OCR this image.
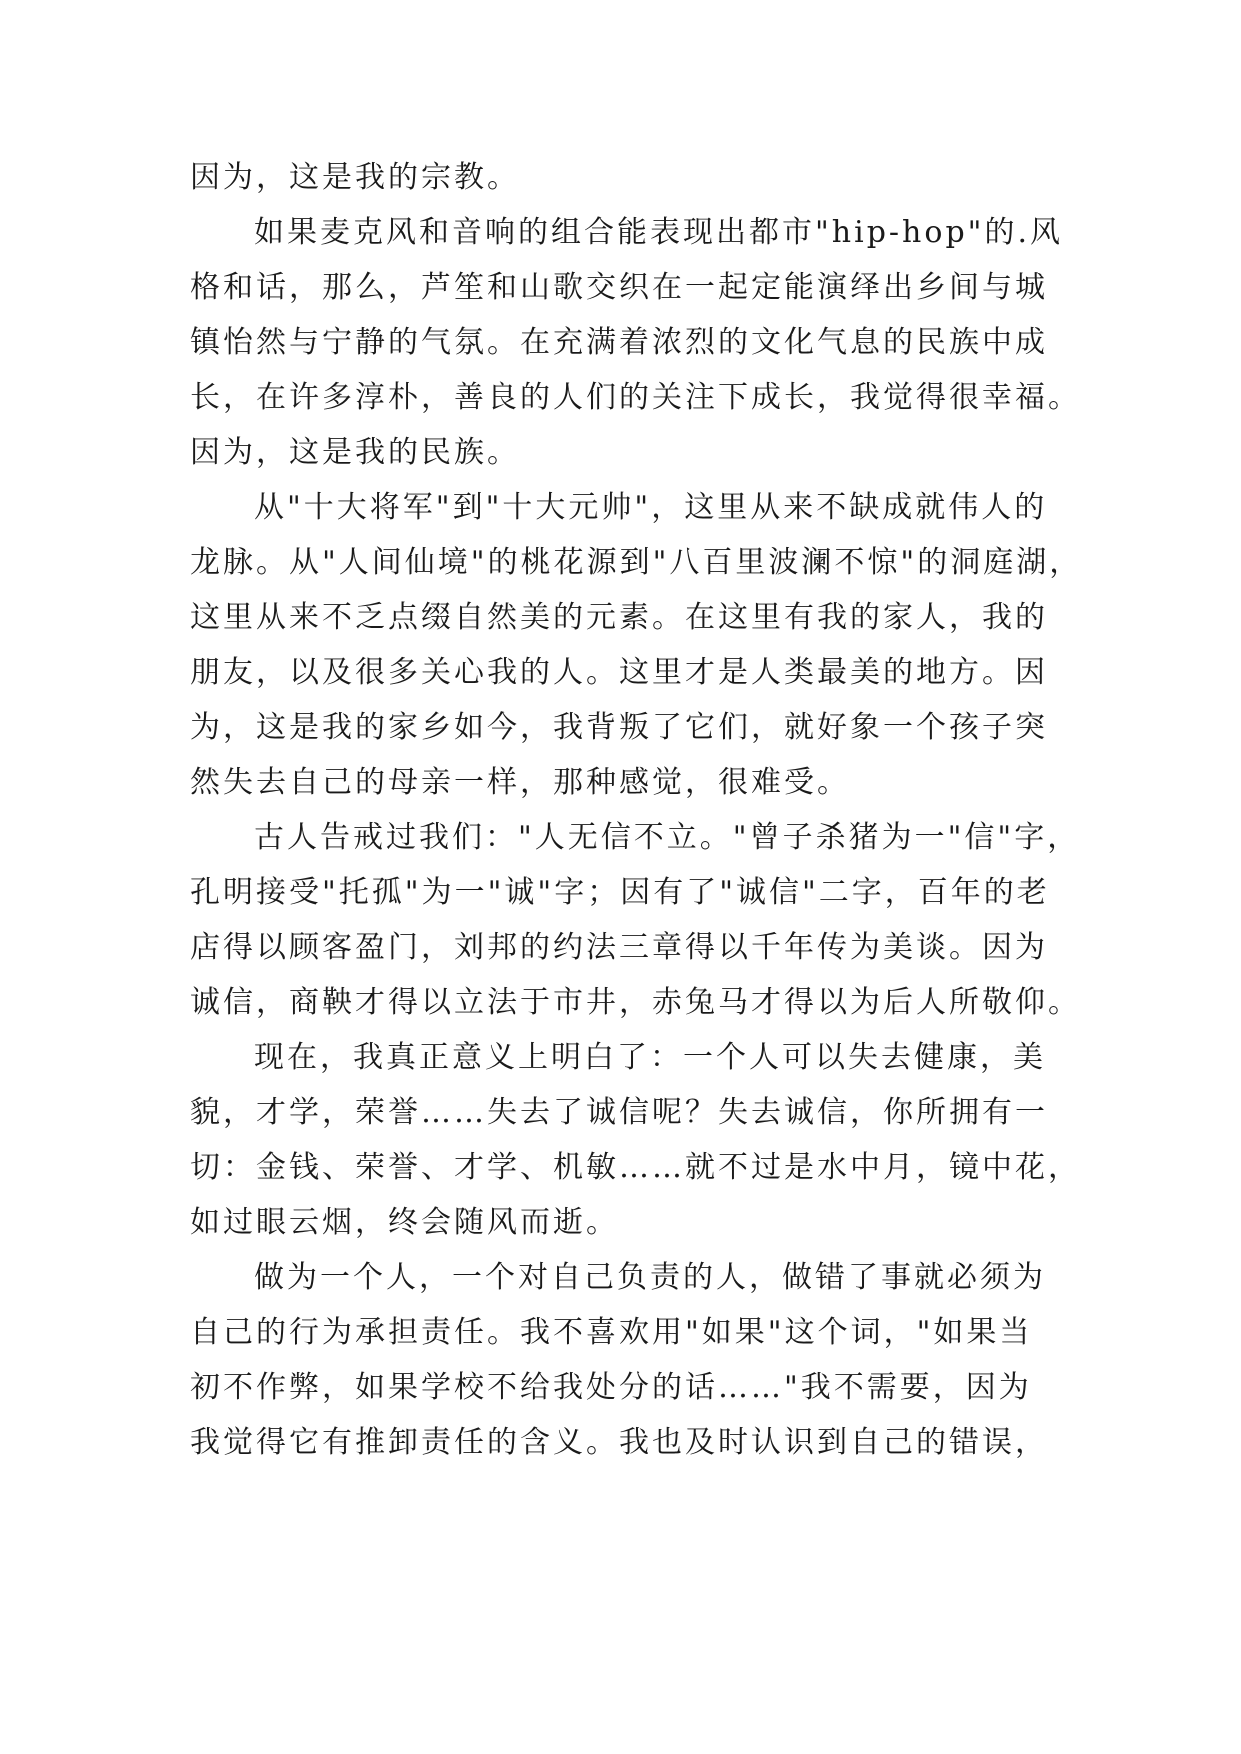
因为，这是我的宗教。
如果麦克风和音响的组合能表现出都市"hip-hop"的.风
格和话，那么，芦笙和山歌交织在一起定能演绎出乡间与城
镇怡然与宁静的气氛。在充满着浓烈的文化气息的民族中成
长，在许多淳朴，善良的人们的关注下成长，我觉得很幸福。
因为，这是我的民族。
从"十大将军"到"十大元帅"，这里从来不缺成就伟人的
龙脉。从"人间仙境"的桃花源到"八百里波澜不惊"的洞庭湖，
这里从来不乏点缀自然美的元素。在这里有我的家人，我的
朋友，以及很多关心我的人。这里才是人类最美的地方。因
为，这是我的家乡如今，我背叛了它们，就好象一个孩子突
然失去自己的母亲一样，那种感觉，很难受。
古人告戒过我们："人无信不立。"曾子杀猪为一"信"字，
孔明接受"托孤"为一"诚"字；因有了"诚信"二字，百年的老
店得以顾客盈门，刘邦的约法三章得以千年传为美谈。因为
诚信，商鞅才得以立法于市井，赤兔马才得以为后人所敬仰。
现在，我真正意义上明白了：一个人可以失去健康，美
貌，才学，荣誉……失去了诚信呢？失去诚信，你所拥有一
切：金钱、荣誉、才学、机敏……就不过是水中月，镜中花，
如过眼云烟，终会随风而逝。
做为一个人，一个对自己负责的人，做错了事就必须为
自己的行为承担责任。我不喜欢用"如果"这个词，"如果当
初不作弊，如果学校不给我处分的话……"我不需要，因为
我觉得它有推卸责任的含义。我也及时认识到自己的错误，
